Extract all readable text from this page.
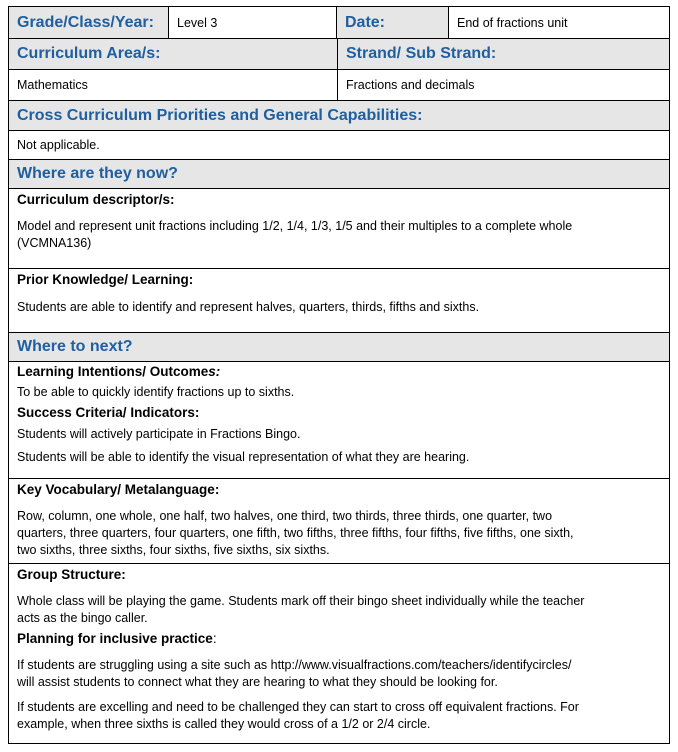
Grade/Class/Year:	Level 3	Date:	End of fractions unit
Curriculum Area/s:	Strand/ Sub Strand:
Mathematics	Fractions and decimals
Cross Curriculum Priorities and General Capabilities:
Not applicable.
Where are they now?

Curriculum descriptor/s:

Model and represent unit fractions including 1/2, 1/4, 1/3, 1/5 and their multiples to a complete whole

(VCMNA136)

Prior Knowledge/ Learning:

Students are able to identify and represent halves, quarters, thirds, fifths and sixths.

Where to next?

Learning Intentions/ Outcomes:

To be able to quickly identify fractions up to sixths.

Success Criteria/ Indicators:

Students will actively participate in Fractions Bingo.

Students will be able to identify the visual representation of what they are hearing.

Key Vocabulary/ Metalanguage:

Row, column, one whole, one half, two halves, one third, two thirds, three thirds, one quarter, two

quarters, three quarters, four quarters, one fifth, two fifths, three fifths, four fifths, five fifths, one sixth,

two sixths, three sixths, four sixths, five sixths, six sixths.

Group Structure:

Whole class will be playing the game. Students mark off their bingo sheet individually while the teacher

acts as the bingo caller.

Planning for inclusive practice:

If students are struggling using a site such as http://www.visualfractions.com/teachers/identifycircles/

will assist students to connect what they are hearing to what they should be looking for.

If students are excelling and need to be challenged they can start to cross off equivalent fractions. For

example, when three sixths is called they would cross of a 1/2 or 2/4 circle.
